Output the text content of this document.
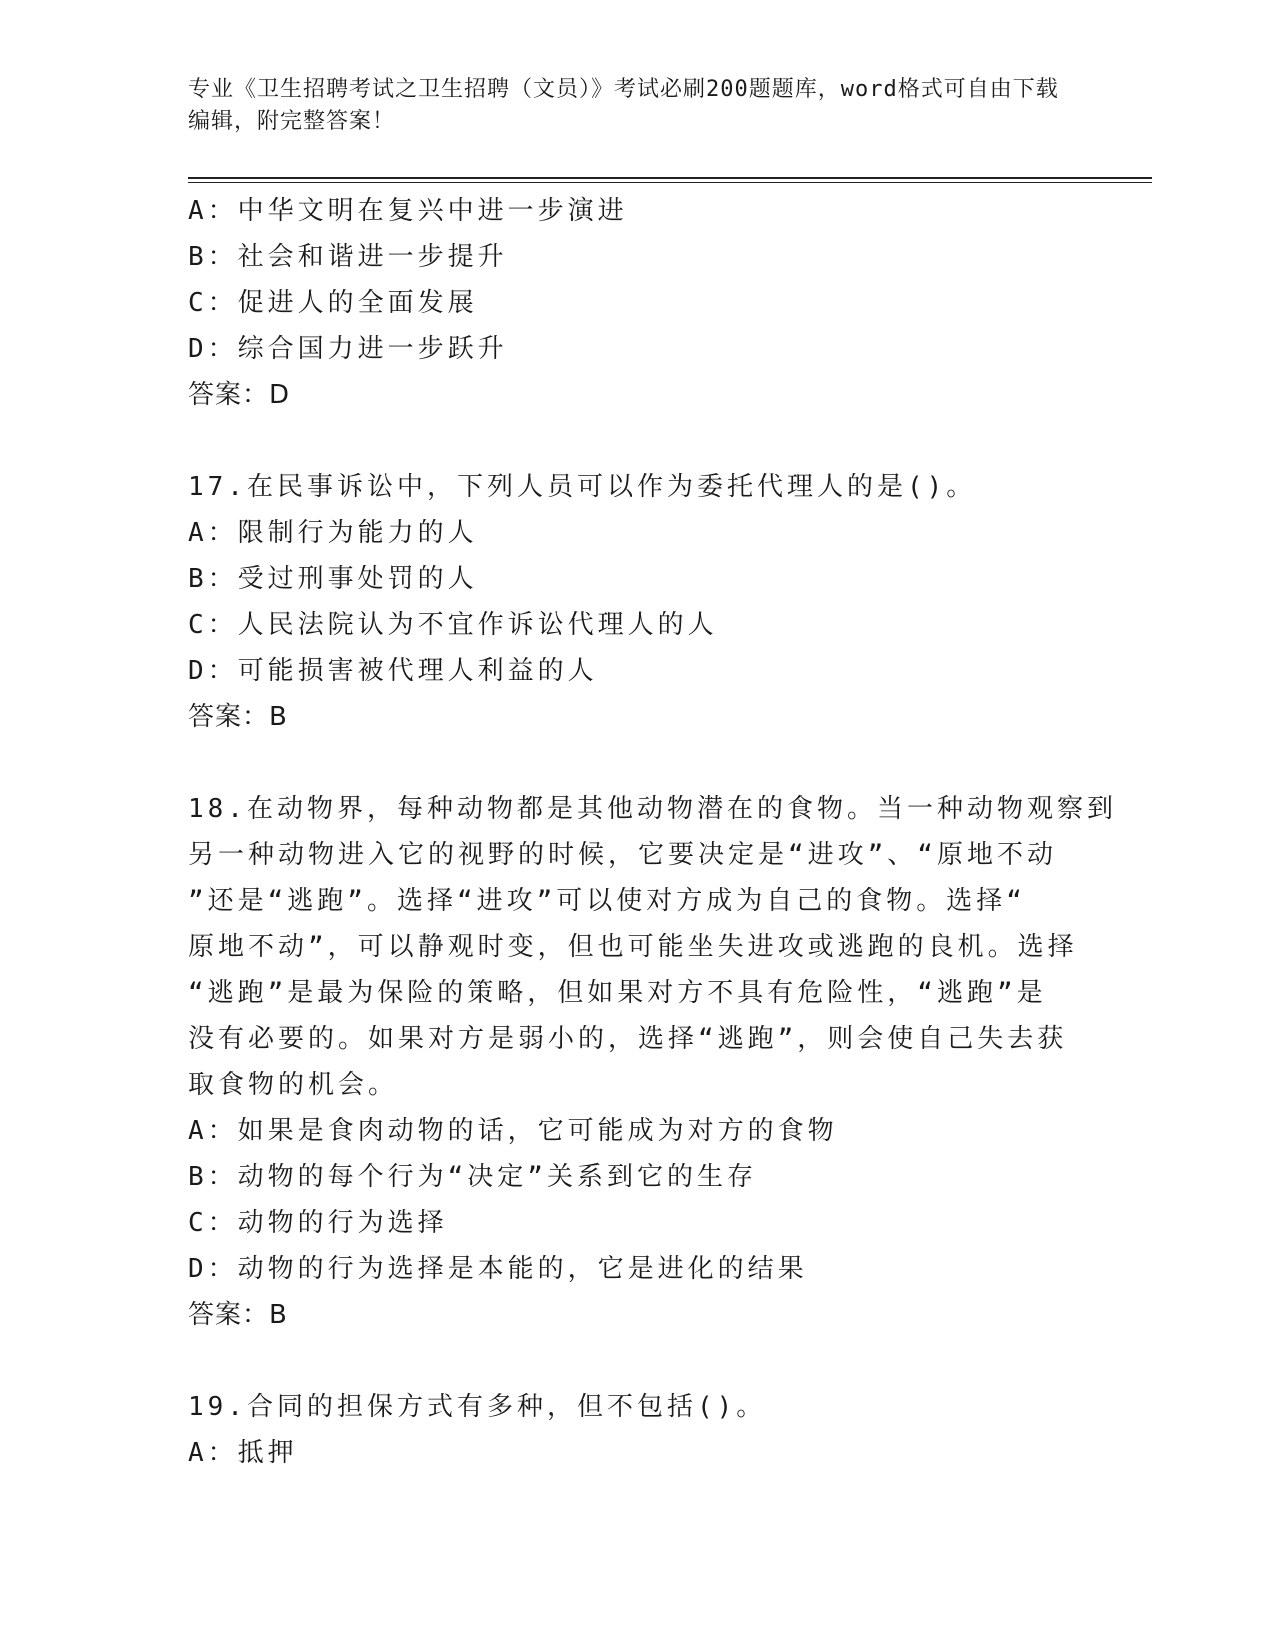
专业《卫生招聘考试之卫生招聘（文员）》考试必刷200题题库，word格式可自由下载编辑，附完整答案！
A：中华文明在复兴中进一步演进
B：社会和谐进一步提升
C：促进人的全面发展
D：综合国力进一步跃升
答案：D
17.在民事诉讼中，下列人员可以作为委托代理人的是()。
A：限制行为能力的人
B：受过刑事处罚的人
C：人民法院认为不宜作诉讼代理人的人
D：可能损害被代理人利益的人
答案：B
18.在动物界，每种动物都是其他动物潜在的食物。当一种动物观察到
另一种动物进入它的视野的时候，它要决定是“进攻”、“原地不动
”还是“逃跑”。选择“进攻”可以使对方成为自己的食物。选择“
原地不动”，可以静观时变，但也可能坐失进攻或逃跑的良机。选择
“逃跑”是最为保险的策略，但如果对方不具有危险性，“逃跑”是
没有必要的。如果对方是弱小的，选择“逃跑”，则会使自己失去获
取食物的机会。
A：如果是食肉动物的话，它可能成为对方的食物
B：动物的每个行为“决定”关系到它的生存
C：动物的行为选择
D：动物的行为选择是本能的，它是进化的结果
答案：B
19.合同的担保方式有多种，但不包括()。
A：抵押
